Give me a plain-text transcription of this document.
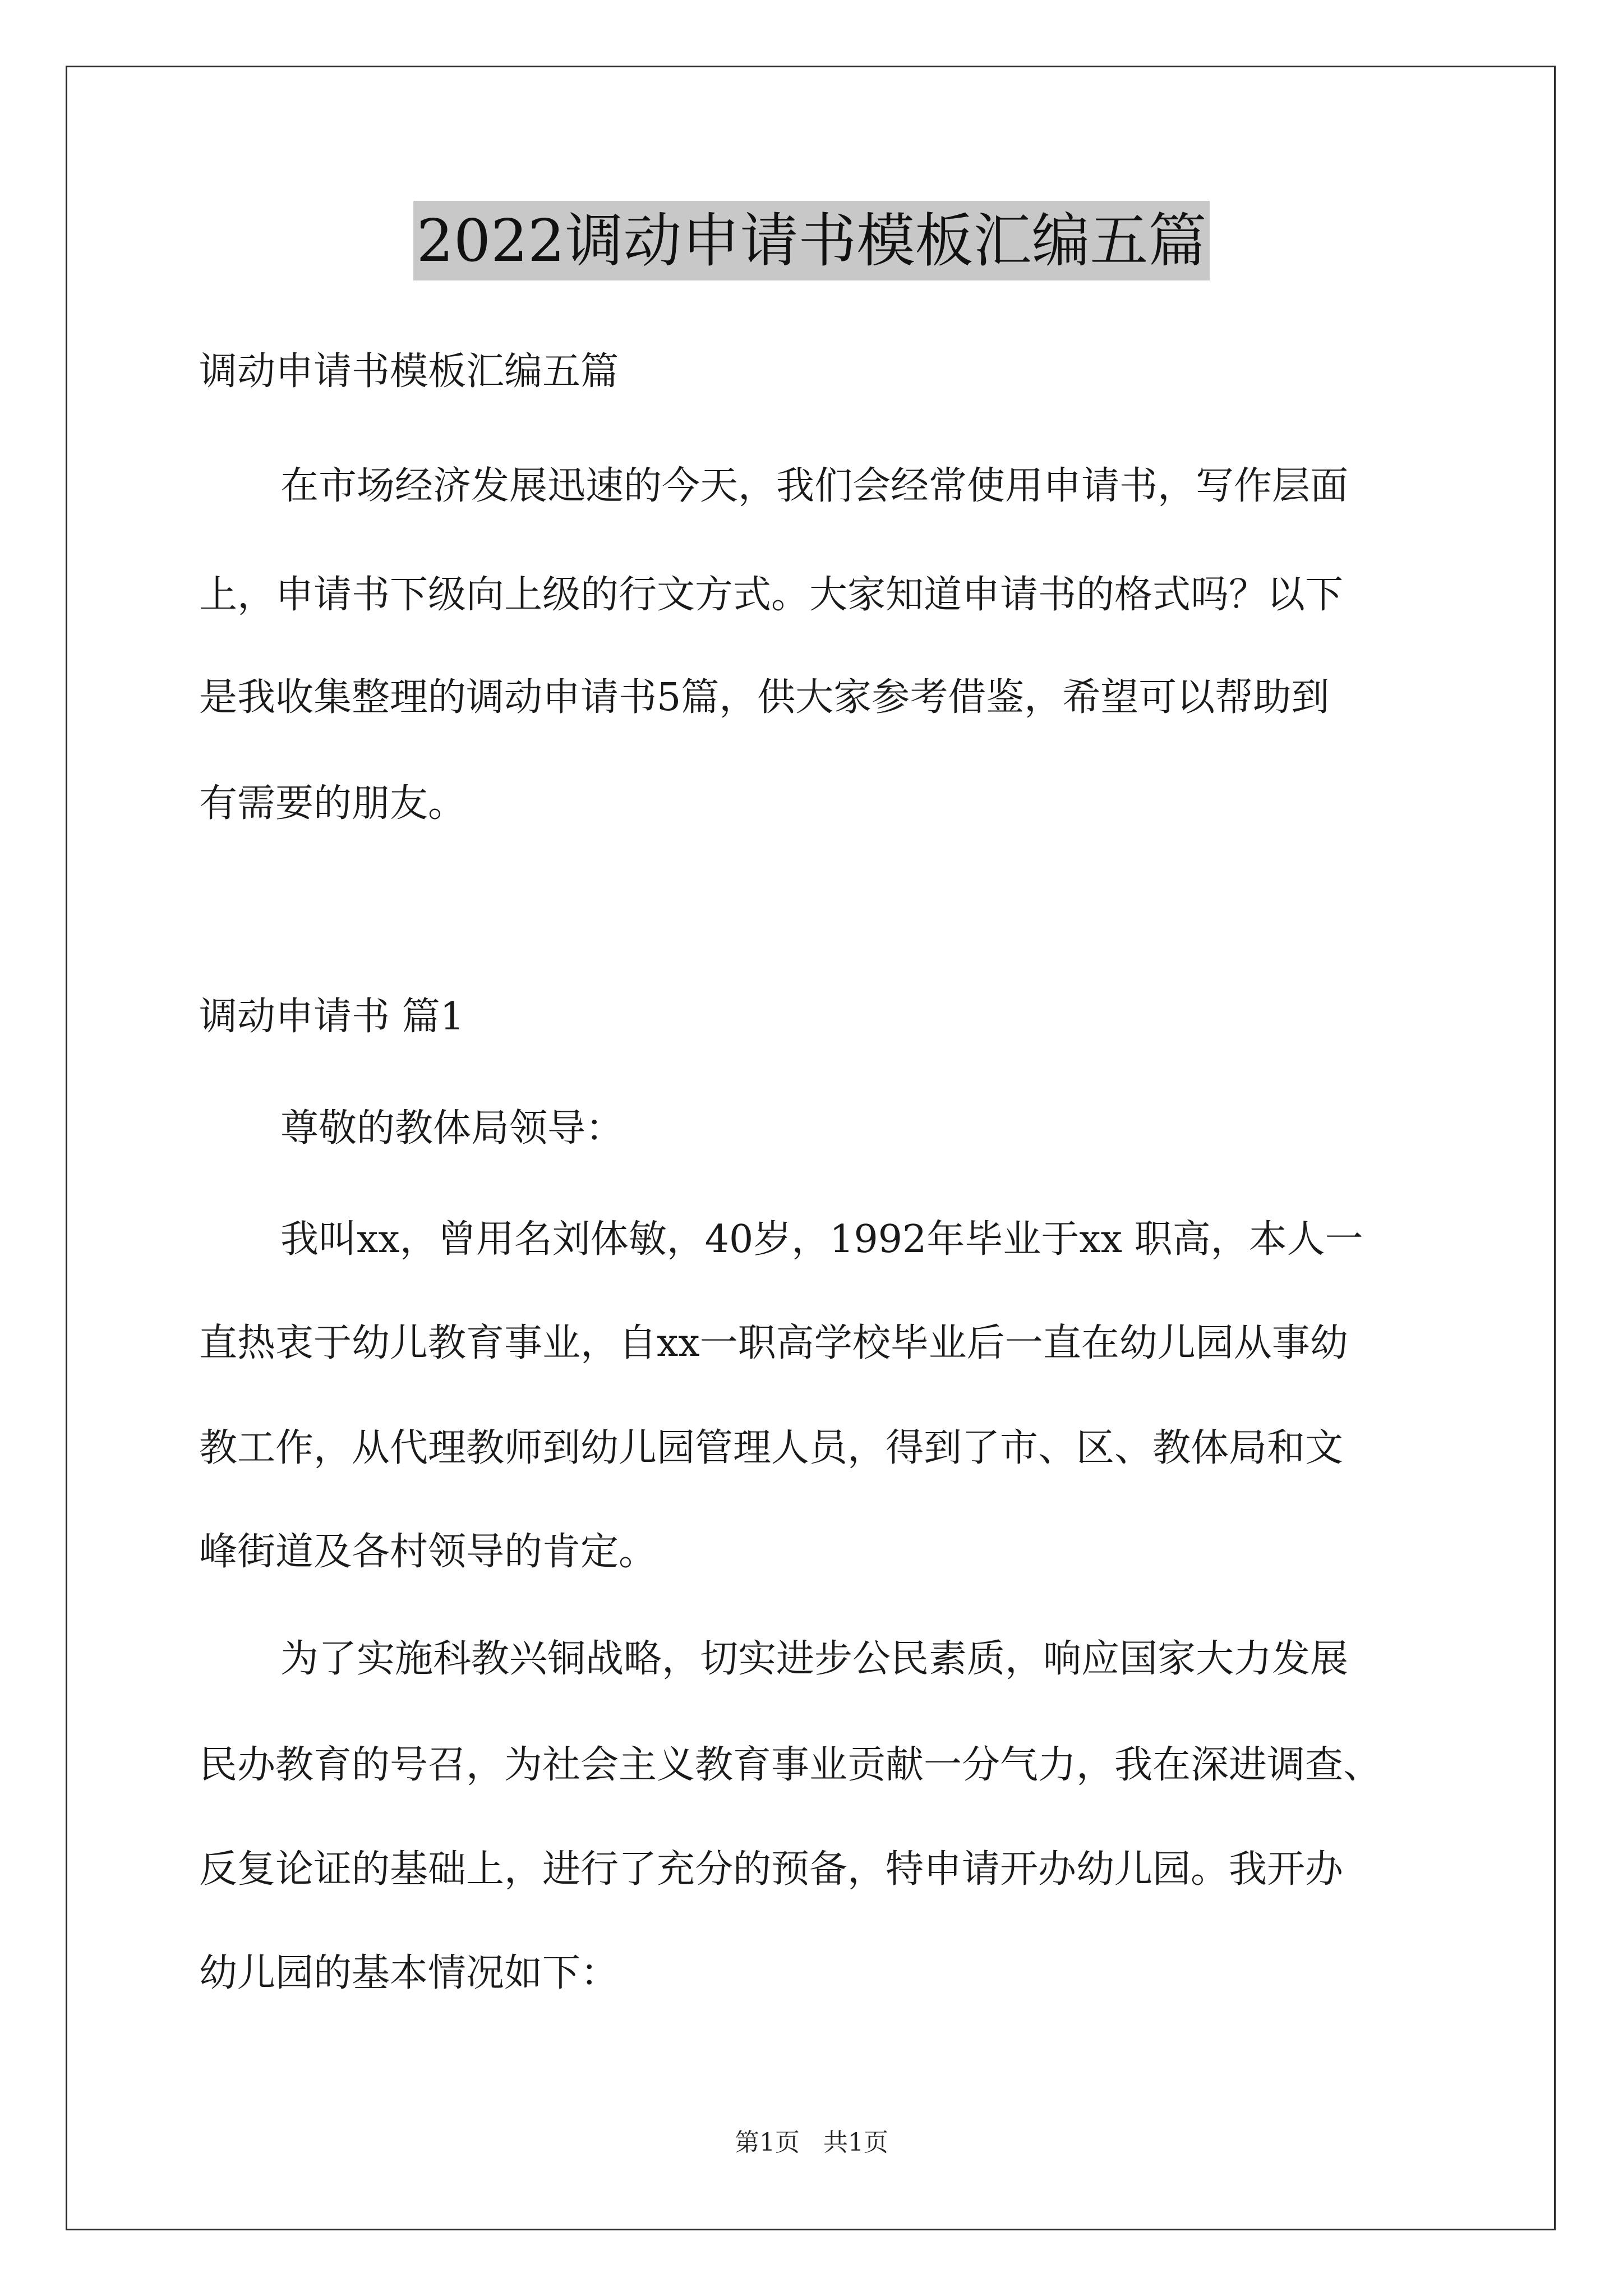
2022调动申请书模板汇编五篇
调动申请书模板汇编五篇
在市场经济发展迅速的今天，我们会经常使用申请书，写作层面
上，申请书下级向上级的行文方式。大家知道申请书的格式吗？以下
是我收集整理的调动申请书5篇，供大家参考借鉴，希望可以帮助到
有需要的朋友。
调动申请书 篇1
尊敬的教体局领导：
我叫xx，曾用名刘体敏，40岁，1992年毕业于xx 职高，本人一
直热衷于幼儿教育事业，自xx一职高学校毕业后一直在幼儿园从事幼
教工作，从代理教师到幼儿园管理人员，得到了市、区、教体局和文
峰街道及各村领导的肯定。
为了实施科教兴铜战略，切实进步公民素质，响应国家大力发展
民办教育的号召，为社会主义教育事业贡献一分气力，我在深进调查、
反复论证的基础上，进行了充分的预备，特申请开办幼儿园。我开办
幼儿园的基本情况如下：
第1页 共1页
